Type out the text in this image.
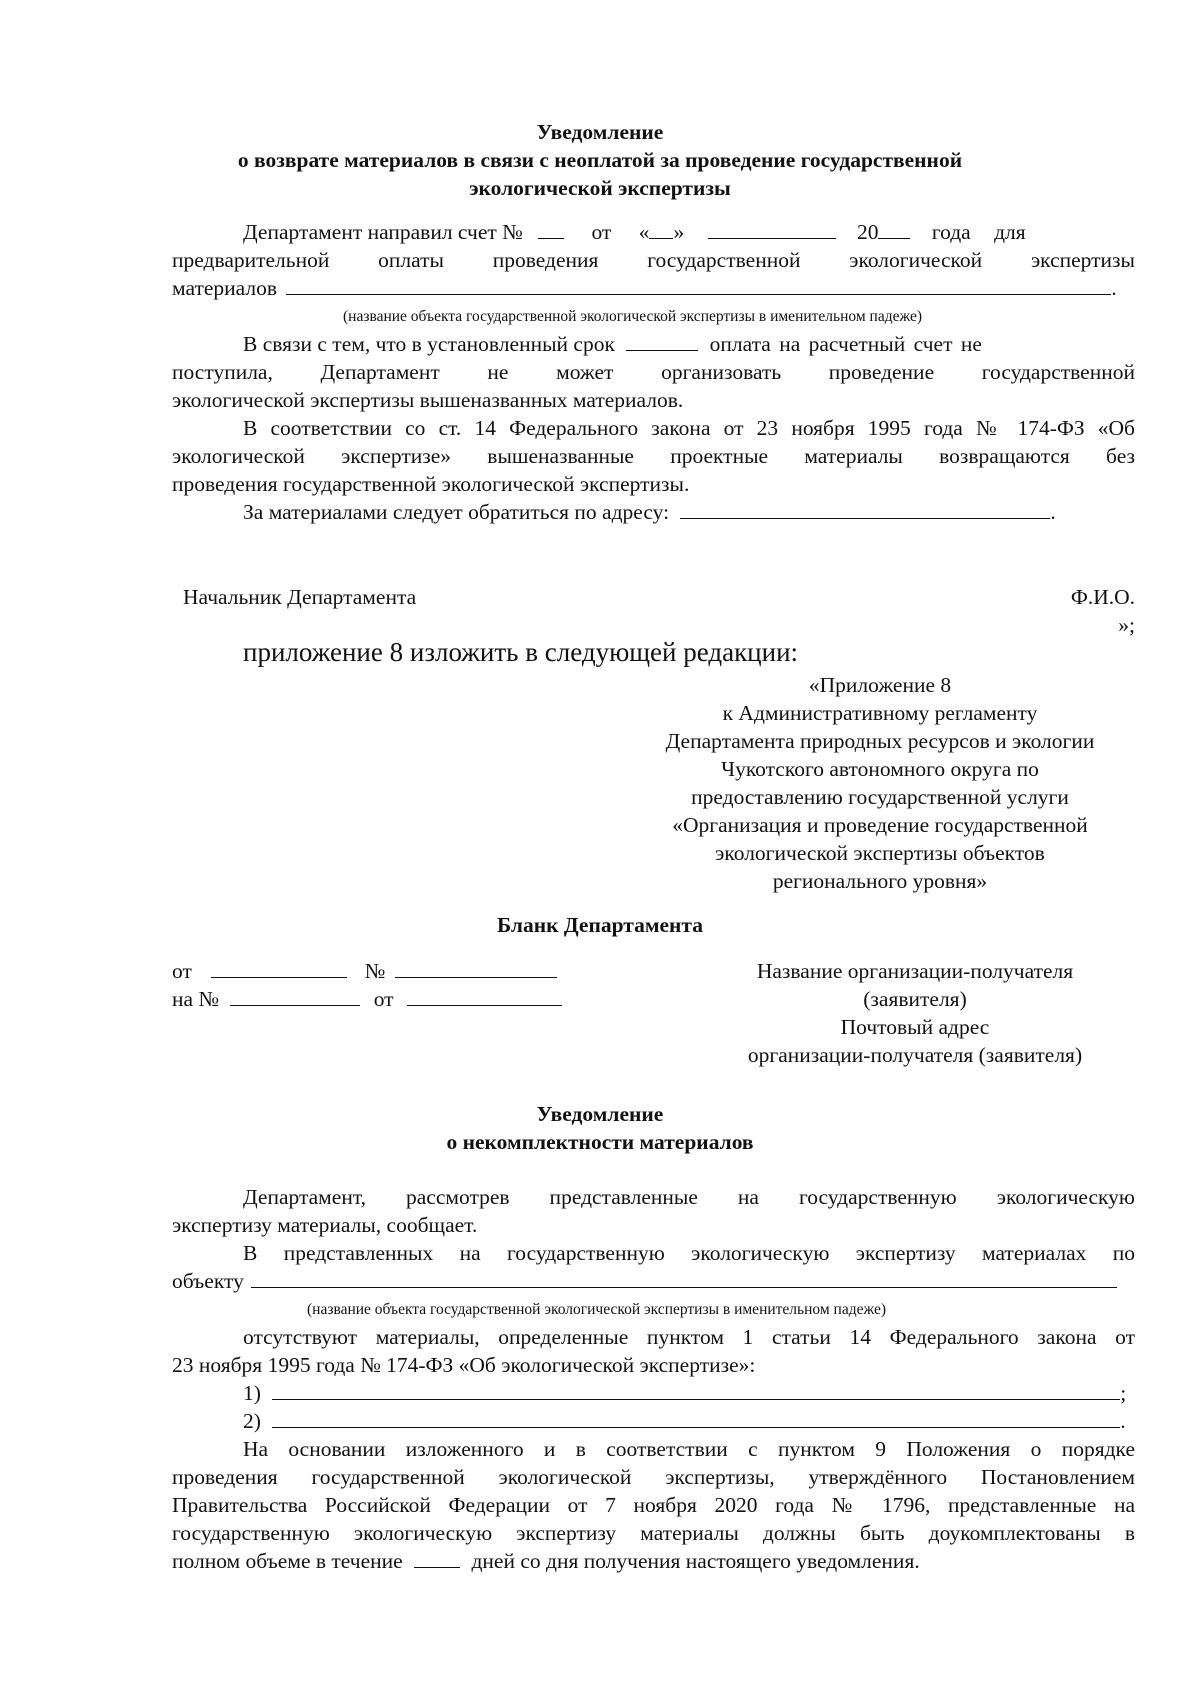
Уведомление
о возврате материалов в связи с неоплатой за проведение государственной
экологической экспертизы
Департамент направил счет №	от « »	20 года для
предварительной оплаты проведения государственной экологической экспертизы
материалов	.
(название объекта государственной экологической экспертизы в именительном падеже)
В связи с тем, что в установленный срок	оплата на расчетный счет не
поступила, Департамент не может организовать проведение государственной
экологической экспертизы вышеназванных материалов.
В соответствии со ст. 14 Федерального закона от 23 ноября 1995 года № 174-ФЗ «Об
экологической экспертизе» вышеназванные проектные материалы возвращаются без
проведения государственной экологической экспертизы.
За материалами следует обратиться по адресу:	.
Начальник Департамента	Ф.И.О.
»;
приложение 8 изложить в следующей редакции:
«Приложение 8
к Административному регламенту
Департамента природных ресурсов и экологии
Чукотского автономного округа по
предоставлению государственной услуги
«Организация и проведение государственной
экологической экспертизы объектов
регионального уровня»
Бланк Департамента
от	№
на №	от
Название организации-получателя
(заявителя)
Почтовый адрес
организации-получателя (заявителя)
Уведомление
о некомплектности материалов
Департамент, рассмотрев представленные на государственную экологическую
экспертизу материалы, сообщает.
В представленных на государственную экологическую экспертизу материалах по
объекту
(название объекта государственной экологической экспертизы в именительном падеже)
отсутствуют материалы, определенные пунктом 1 статьи 14 Федерального закона от
23 ноября 1995 года № 174-ФЗ «Об экологической экспертизе»:
1)	;
2)	.
На основании изложенного и в соответствии с пунктом 9 Положения о порядке
проведения государственной экологической экспертизы, утверждённого Постановлением
Правительства Российской Федерации от 7 ноября 2020 года № 1796, представленные на
государственную экологическую экспертизу материалы должны быть доукомплектованы в
полном объеме в течение	дней со дня получения настоящего уведомления.
